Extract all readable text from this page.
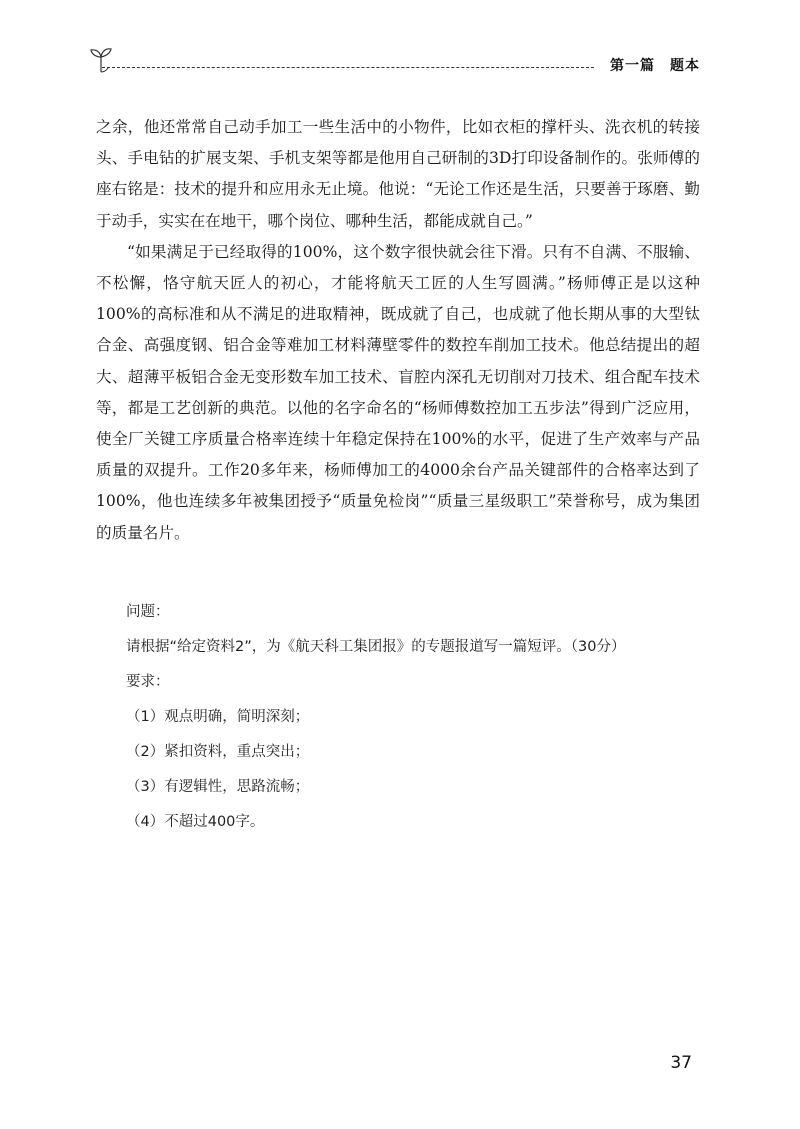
第一篇　题本

之余，他还常常自己动手加工一些生活中的小物件，比如衣柜的撑杆头、洗衣机的转接头、手电钻的扩展支架、手机支架等都是他用自己研制的3D打印设备制作的。张师傅的座右铭是：技术的提升和应用永无止境。他说：“无论工作还是生活，只要善于琢磨、勤于动手，实实在在地干，哪个岗位、哪种生活，都能成就自己。”

“如果满足于已经取得的100%，这个数字很快就会往下滑。只有不自满、不服输、不松懈，恪守航天匠人的初心，才能将航天工匠的人生写圆满。”杨师傅正是以这种100%的高标准和从不满足的进取精神，既成就了自己，也成就了他长期从事的大型钛合金、高强度钢、铝合金等难加工材料薄壁零件的数控车削加工技术。他总结提出的超大、超薄平板铝合金无变形数车加工技术、盲腔内深孔无切削对刀技术、组合配车技术等，都是工艺创新的典范。以他的名字命名的“杨师傅数控加工五步法”得到广泛应用，使全厂关键工序质量合格率连续十年稳定保持在100%的水平，促进了生产效率与产品质量的双提升。工作20多年来，杨师傅加工的4000余台产品关键部件的合格率达到了100%，他也连续多年被集团授予“质量免检岗”“质量三星级职工”荣誉称号，成为集团的质量名片。

问题：
请根据“给定资料2”，为《航天科工集团报》的专题报道写一篇短评。（30分）
要求：
（1）观点明确，简明深刻；
（2）紧扣资料，重点突出；
（3）有逻辑性，思路流畅；
（4）不超过400字。
37
